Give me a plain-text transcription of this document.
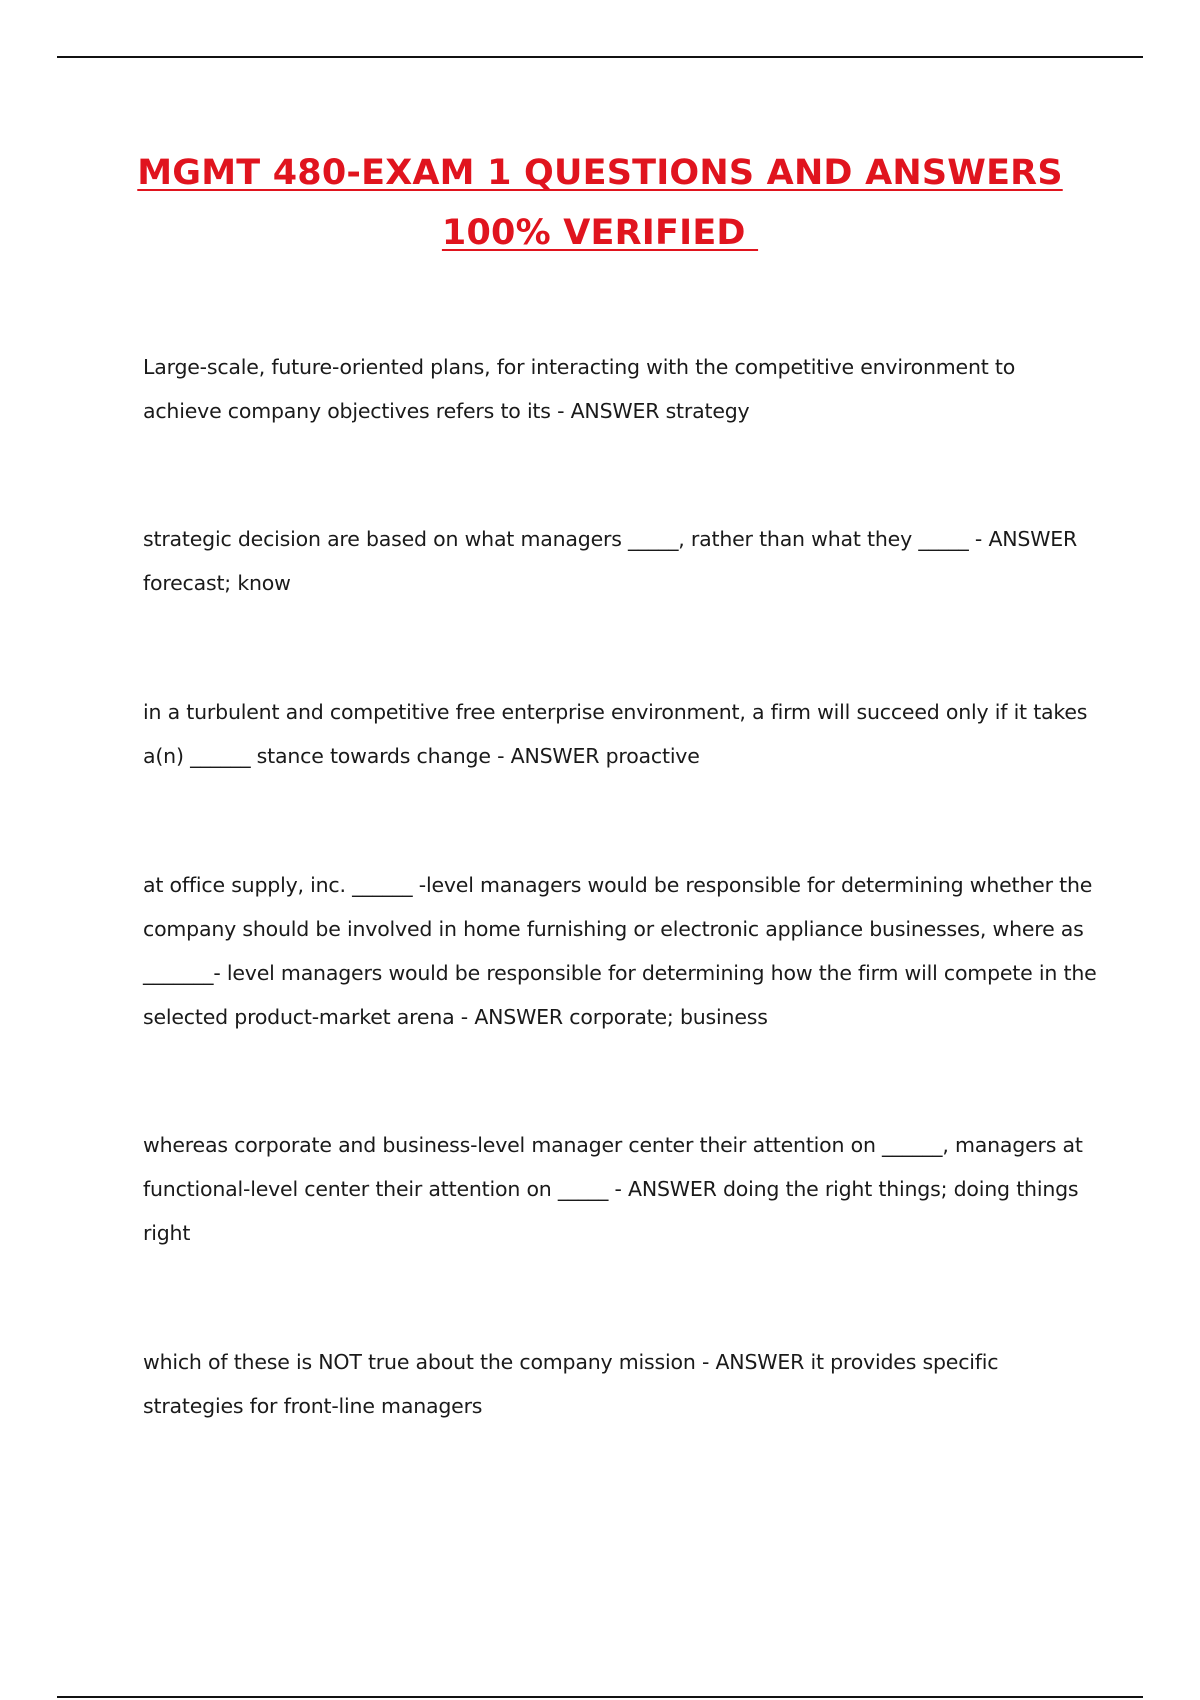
MGMT 480-EXAM 1 QUESTIONS AND ANSWERS
100% VERIFIED

Large-scale, future-oriented plans, for interacting with the competitive environment to achieve company objectives refers to its - ANSWER strategy

strategic decision are based on what managers _____, rather than what they _____ - ANSWER forecast; know

in a turbulent and competitive free enterprise environment, a firm will succeed only if it takes a(n) ______ stance towards change - ANSWER proactive

at office supply, inc. ______ -level managers would be responsible for determining whether the company should be involved in home furnishing or electronic appliance businesses, where as _______- level managers would be responsible for determining how the firm will compete in the selected product-market arena - ANSWER corporate; business

whereas corporate and business-level manager center their attention on ______, managers at functional-level center their attention on _____ - ANSWER doing the right things; doing things right

which of these is NOT true about the company mission - ANSWER it provides specific strategies for front-line managers
